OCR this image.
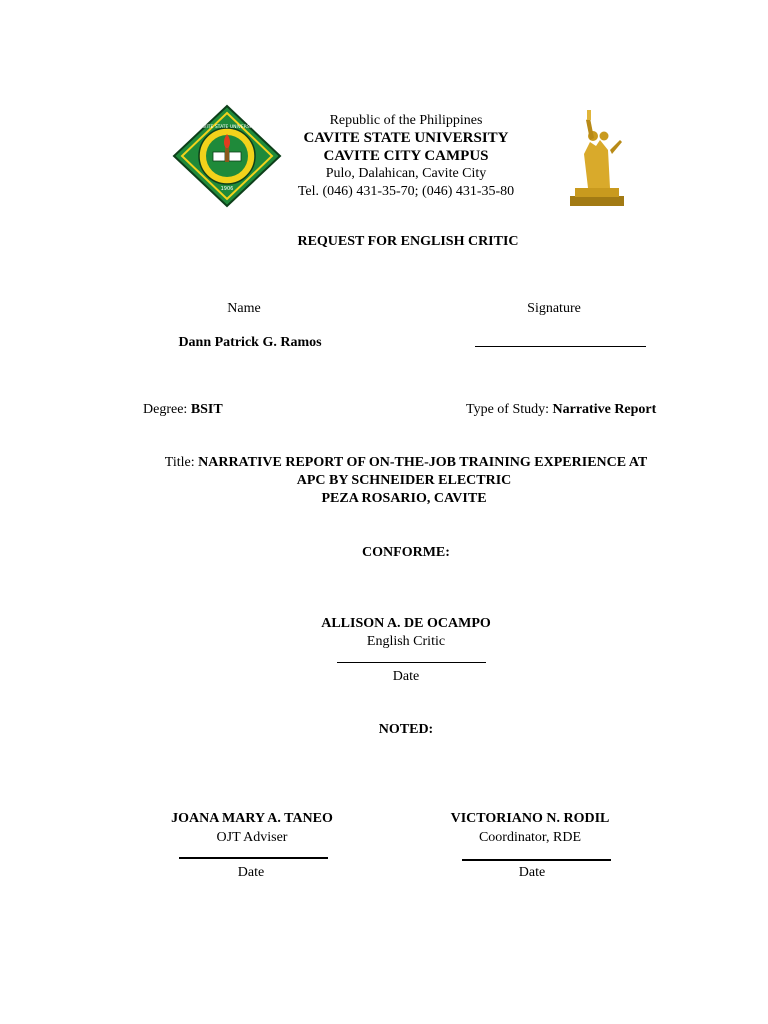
1906
CAVITE STATE UNIVERSITY	Republic of the Philippines
CAVITE STATE UNIVERSITY
CAVITE CITY CAMPUS
Pulo, Dalahican, Cavite City
Tel. (046) 431-35-70; (046) 431-35-80
REQUEST FOR ENGLISH CRITIC
Name	Signature
Dann Patrick G. Ramos
Degree: BSIT	Type of Study: Narrative Report
Title: NARRATIVE REPORT OF ON-THE-JOB TRAINING EXPERIENCE AT
APC BY SCHNEIDER ELECTRIC
PEZA ROSARIO, CAVITE
CONFORME:
ALLISON A. DE OCAMPO
English Critic
Date
NOTED:
JOANA MARY A. TANEO
OJT Adviser
Date
VICTORIANO N. RODIL
Coordinator, RDE
Date
